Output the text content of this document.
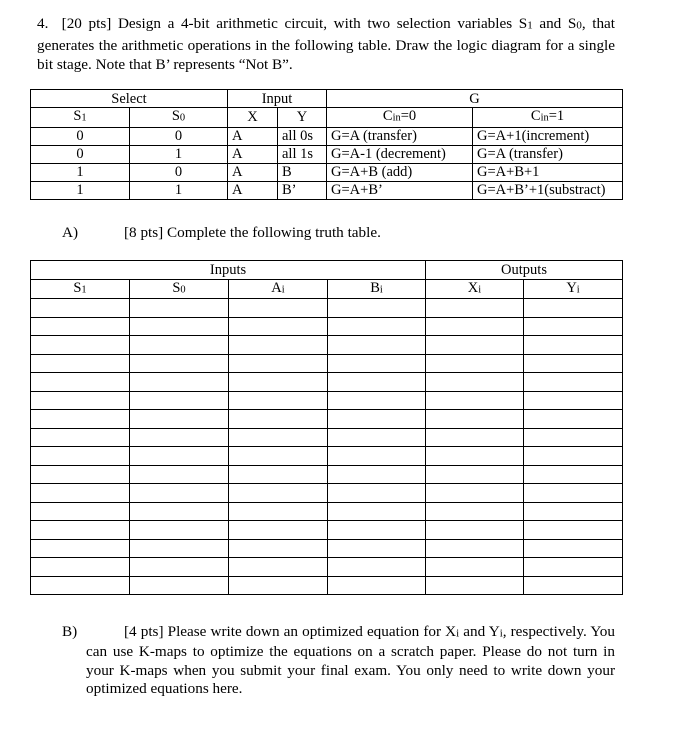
4. [20 pts] Design a 4-bit arithmetic circuit, with two selection variables S1 and S0, that generates the arithmetic operations in the following table. Draw the logic diagram for a single bit stage. Note that B’ represents “Not B”.
Select		Input		G	
S1	S0	X	Y	Cin=0	Cin=1
0	0	A	all 0s	G=A (transfer)	G=A+1(increment)
0	1	A	all 1s	G=A-1 (decrement)	G=A (transfer)
1	0	A	B	G=A+B (add)	G=A+B+1
1	1	A	B’	G=A+B’	G=A+B’+1(substract)
A)	[8 pts] Complete the following truth table.
Inputs				Outputs	
S1	S0	Ai	Bi	Xi	Yi

B)	[4 pts] Please write down an optimized equation for Xi and Yi, respectively. You can use K-maps to optimize the equations on a scratch paper. Please do not turn in your K-maps when you submit your final exam. You only need to write down your optimized equations here.
